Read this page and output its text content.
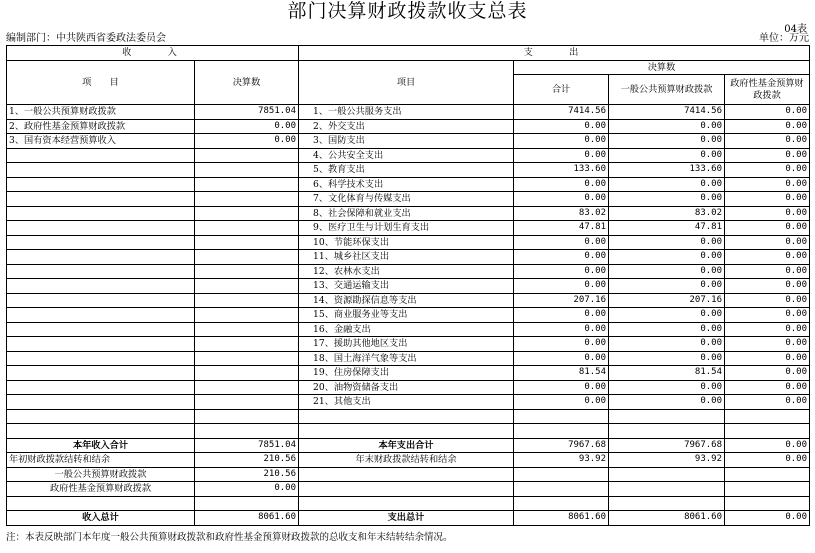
部门决算财政拨款收支总表
04表
编制部门：中共陕西省委政法委员会	单位：万元
收　　入		支　　出			
项　　目	决算数	项目	决算数		
			合计	一般公共预算财政拨款	政府性基金预算财政拨款
1、一般公共预算财政拨款	7851.04	1、一般公共服务支出	7414.56	7414.56	0.00
2、政府性基金预算财政拨款	0.00	2、外交支出	0.00	0.00	0.00
3、国有资本经营预算收入	0.00	3、国防支出	0.00	0.00	0.00
		4、公共安全支出	0.00	0.00	0.00
		5、教育支出	133.60	133.60	0.00
		6、科学技术支出	0.00	0.00	0.00
		7、文化体育与传媒支出	0.00	0.00	0.00
		8、社会保障和就业支出	83.02	83.02	0.00
		9、医疗卫生与计划生育支出	47.81	47.81	0.00
		10、节能环保支出	0.00	0.00	0.00
		11、城乡社区支出	0.00	0.00	0.00
		12、农林水支出	0.00	0.00	0.00
		13、交通运输支出	0.00	0.00	0.00
		14、资源勘探信息等支出	207.16	207.16	0.00
		15、商业服务业等支出	0.00	0.00	0.00
		16、金融支出	0.00	0.00	0.00
		17、援助其他地区支出	0.00	0.00	0.00
		18、国土海洋气象等支出	0.00	0.00	0.00
		19、住房保障支出	81.54	81.54	0.00
		20、油物资储备支出	0.00	0.00	0.00
		21、其他支出	0.00	0.00	0.00

本年收入合计	7851.04	本年支出合计	7967.68	7967.68	0.00
年初财政拨款结转和结余	210.56	年末财政拨款结转和结余	93.92	93.92	0.00
一般公共预算财政拨款	210.56				
政府性基金预算财政拨款	0.00				

收入总计	8061.60	支出总计	8061.60	8061.60	0.00
注：本表反映部门本年度一般公共预算财政拨款和政府性基金预算财政拨款的总收支和年末结转结余情况。
